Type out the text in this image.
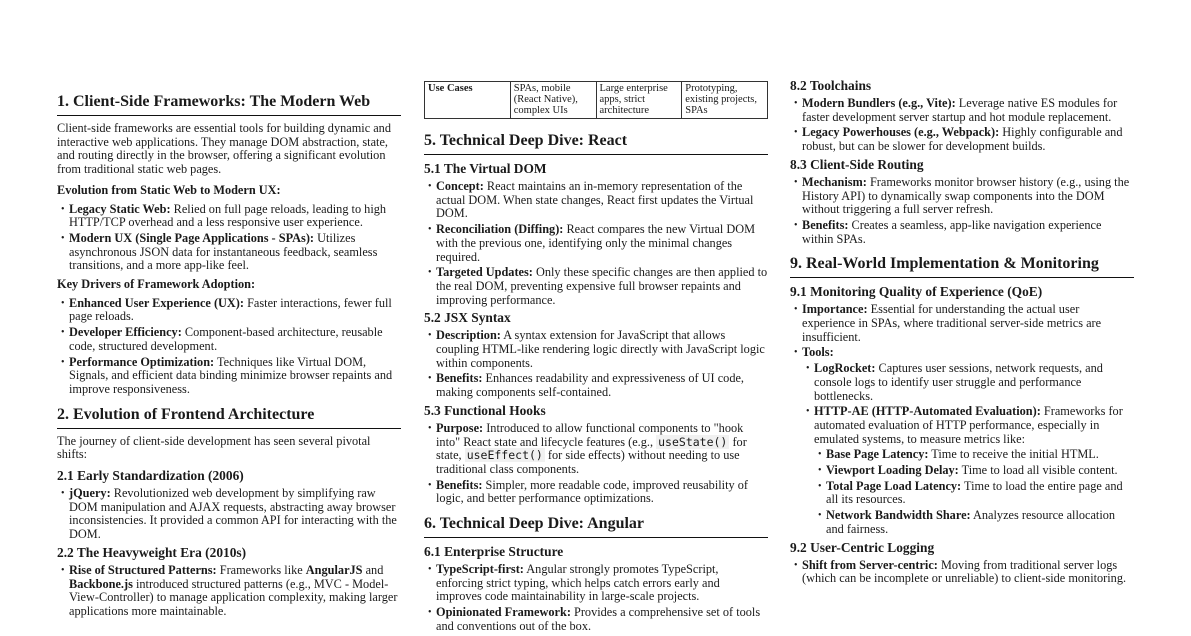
1. Client-Side Frameworks: The Modern Web

Client-side frameworks are essential tools for building dynamic and interactive web applications. They manage DOM abstraction, state, and routing directly in the browser, offering a significant evolution from traditional static web pages.

Evolution from Static Web to Modern UX:

• Legacy Static Web: Relied on full page reloads, leading to high HTTP/TCP overhead and a less responsive user experience.
• Modern UX (Single Page Applications - SPAs): Utilizes asynchronous JSON data for instantaneous feedback, seamless transitions, and a more app-like feel.

Key Drivers of Framework Adoption:

• Enhanced User Experience (UX): Faster interactions, fewer full page reloads.
• Developer Efficiency: Component-based architecture, reusable code, structured development.
• Performance Optimization: Techniques like Virtual DOM, Signals, and efficient data binding minimize browser repaints and improve responsiveness.
2. Evolution of Frontend Architecture

The journey of client-side development has seen several pivotal shifts:

2.1 Early Standardization (2006)
• jQuery: Revolutionized web development by simplifying raw DOM manipulation and AJAX requests, abstracting away browser inconsistencies. It provided a common API for interacting with the DOM.
2.2 The Heavyweight Era (2010s)
• Rise of Structured Patterns: Frameworks like AngularJS and Backbone.js introduced structured patterns (e.g., MVC - Model-View-Controller) to manage application complexity, making larger applications more maintainable.
Use Cases	SPAs, mobile (React Native), complex UIs	Large enterprise apps, strict architecture	Prototyping, existing projects, SPAs
5. Technical Deep Dive: React
5.1 The Virtual DOM
• Concept: React maintains an in-memory representation of the actual DOM. When state changes, React first updates the Virtual DOM.
• Reconciliation (Diffing): React compares the new Virtual DOM with the previous one, identifying only the minimal changes required.
• Targeted Updates: Only these specific changes are then applied to the real DOM, preventing expensive full browser repaints and improving performance.
5.2 JSX Syntax
• Description: A syntax extension for JavaScript that allows coupling HTML-like rendering logic directly with JavaScript logic within components.
• Benefits: Enhances readability and expressiveness of UI code, making components self-contained.
5.3 Functional Hooks
• Purpose: Introduced to allow functional components to "hook into" React state and lifecycle features (e.g., useState() for state, useEffect() for side effects) without needing to use traditional class components.
• Benefits: Simpler, more readable code, improved reusability of logic, and better performance optimizations.
6. Technical Deep Dive: Angular
6.1 Enterprise Structure
• TypeScript-first: Angular strongly promotes TypeScript, enforcing strict typing, which helps catch errors early and improves code maintainability in large-scale projects.
• Opinionated Framework: Provides a comprehensive set of tools and conventions out of the box.
8.2 Toolchains
• Modern Bundlers (e.g., Vite): Leverage native ES modules for faster development server startup and hot module replacement.
• Legacy Powerhouses (e.g., Webpack): Highly configurable and robust, but can be slower for development builds.
8.3 Client-Side Routing
• Mechanism: Frameworks monitor browser history (e.g., using the History API) to dynamically swap components into the DOM without triggering a full server refresh.
• Benefits: Creates a seamless, app-like navigation experience within SPAs.
9. Real-World Implementation & Monitoring
9.1 Monitoring Quality of Experience (QoE)
• Importance: Essential for understanding the actual user experience in SPAs, where traditional server-side metrics are insufficient.
• Tools:
• LogRocket: Captures user sessions, network requests, and console logs to identify user struggle and performance bottlenecks.
• HTTP-AE (HTTP-Automated Evaluation): Frameworks for automated evaluation of HTTP performance, especially in emulated systems, to measure metrics like:
• Base Page Latency: Time to receive the initial HTML.
• Viewport Loading Delay: Time to load all visible content.
• Total Page Load Latency: Time to load the entire page and all its resources.
• Network Bandwidth Share: Analyzes resource allocation and fairness.
9.2 User-Centric Logging
• Shift from Server-centric: Moving from traditional server logs (which can be incomplete or unreliable) to client-side monitoring.
